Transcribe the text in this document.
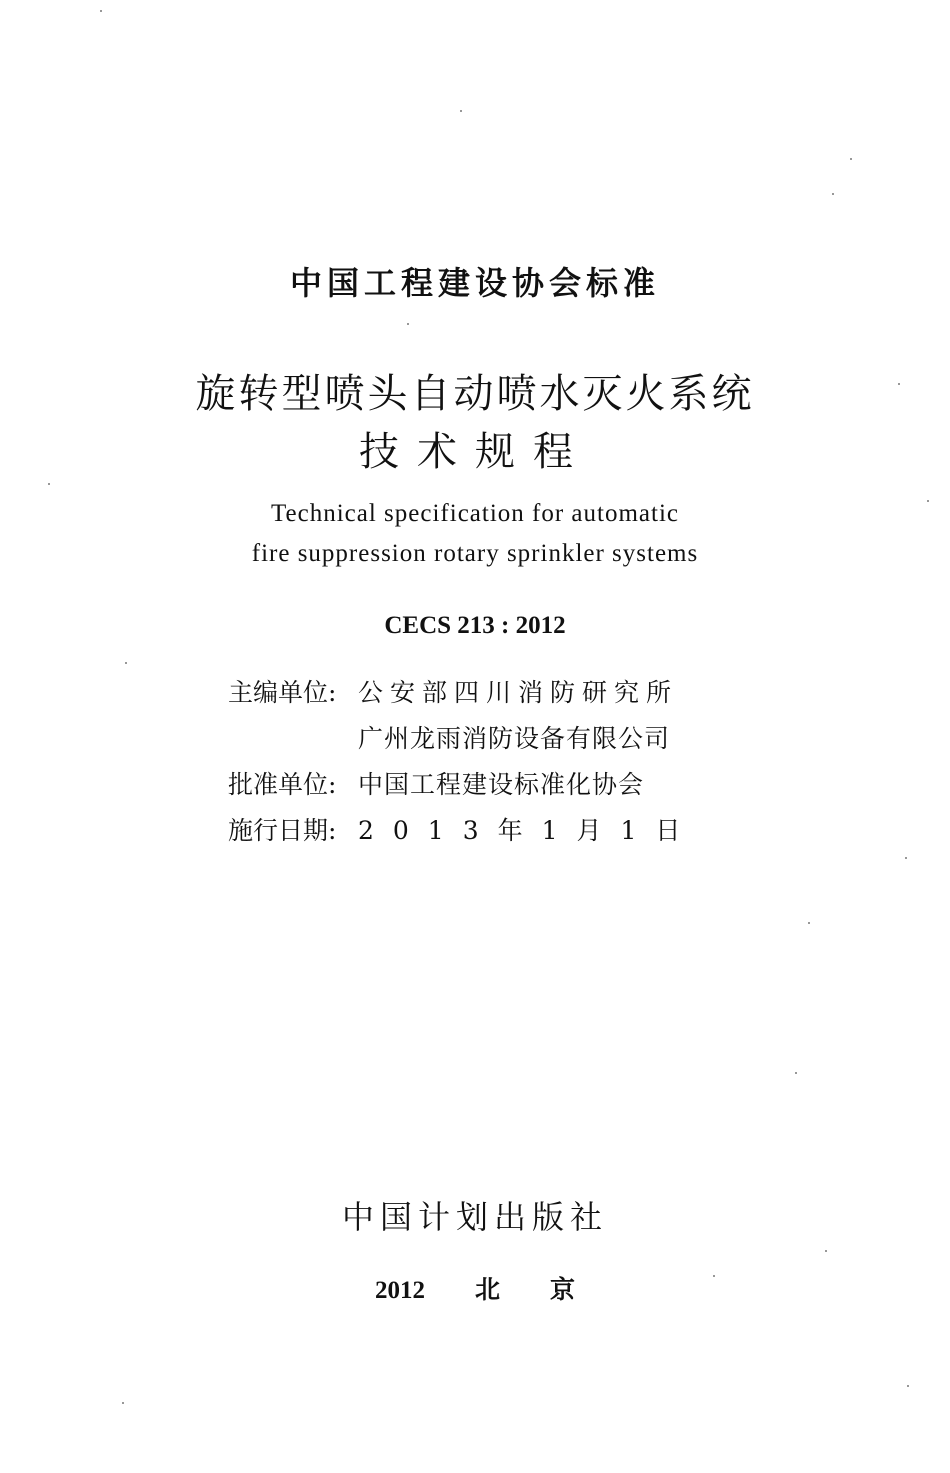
中国工程建设协会标准
旋转型喷头自动喷水灭火系统
技术规程
Technical specification for automatic
fire suppression rotary sprinkler systems
CECS 213 : 2012
主编单位: 公安部四川消防研究所
广州龙雨消防设备有限公司
批准单位: 中国工程建设标准化协会
施行日期: 2013年1月1日
中国计划出版社
2012 北 京
